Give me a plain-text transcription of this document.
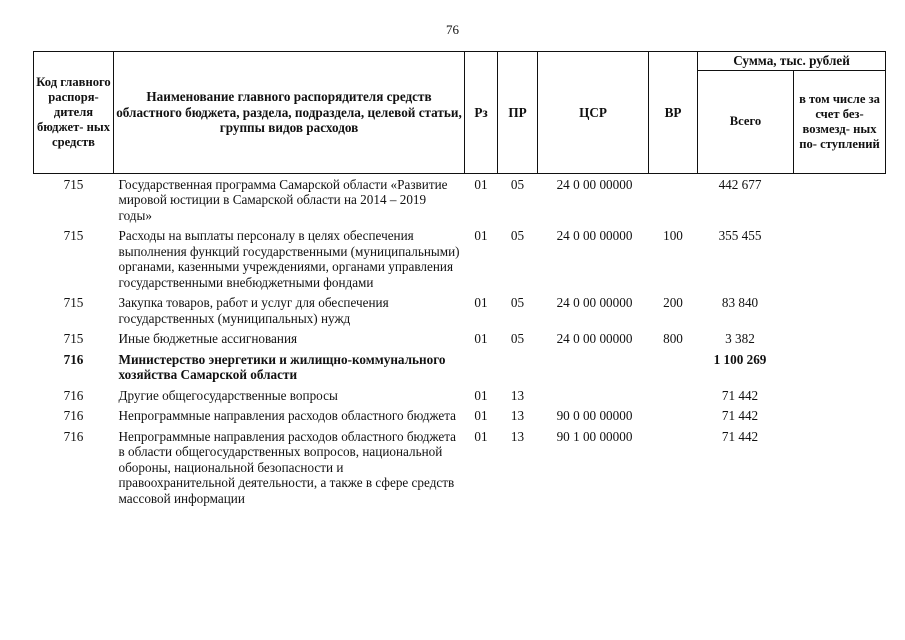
76
Код главного распоря- дителя бюджет- ных средств	Наименование главного распорядителя средств областного бюджета, раздела, подраздела, целевой статьи, группы видов расходов	Рз	ПР	ЦСР	ВР	Сумма, тыс. рублей	
						Всего	в том числе за счет без- возмезд- ных по- ступлений
715	Государственная программа Самарской области «Развитие мировой юстиции в Самарской области на 2014 – 2019 годы»	01	05	24 0 00 00000		442 677	
715	Расходы на выплаты персоналу в целях обеспечения выполнения функций государственными (муниципальными) органами, казенными учреждениями, органами управления государственными внебюджетными фондами	01	05	24 0 00 00000	100	355 455	
715	Закупка товаров, работ и услуг для обеспечения государственных (муниципальных) нужд	01	05	24 0 00 00000	200	83 840	
715	Иные бюджетные ассигнования	01	05	24 0 00 00000	800	3 382	
716	Министерство энергетики и жилищно-коммунального хозяйства Самарской области					1 100 269	
716	Другие общегосударственные вопросы	01	13			71 442	
716	Непрограммные направления расходов областного бюджета	01	13	90 0 00 00000		71 442	
716	Непрограммные направления расходов областного бюджета в области общегосударственных вопросов, национальной обороны, национальной безопасности и правоохранительной деятельности, а также в сфере средств массовой информации	01	13	90 1 00 00000		71 442	
